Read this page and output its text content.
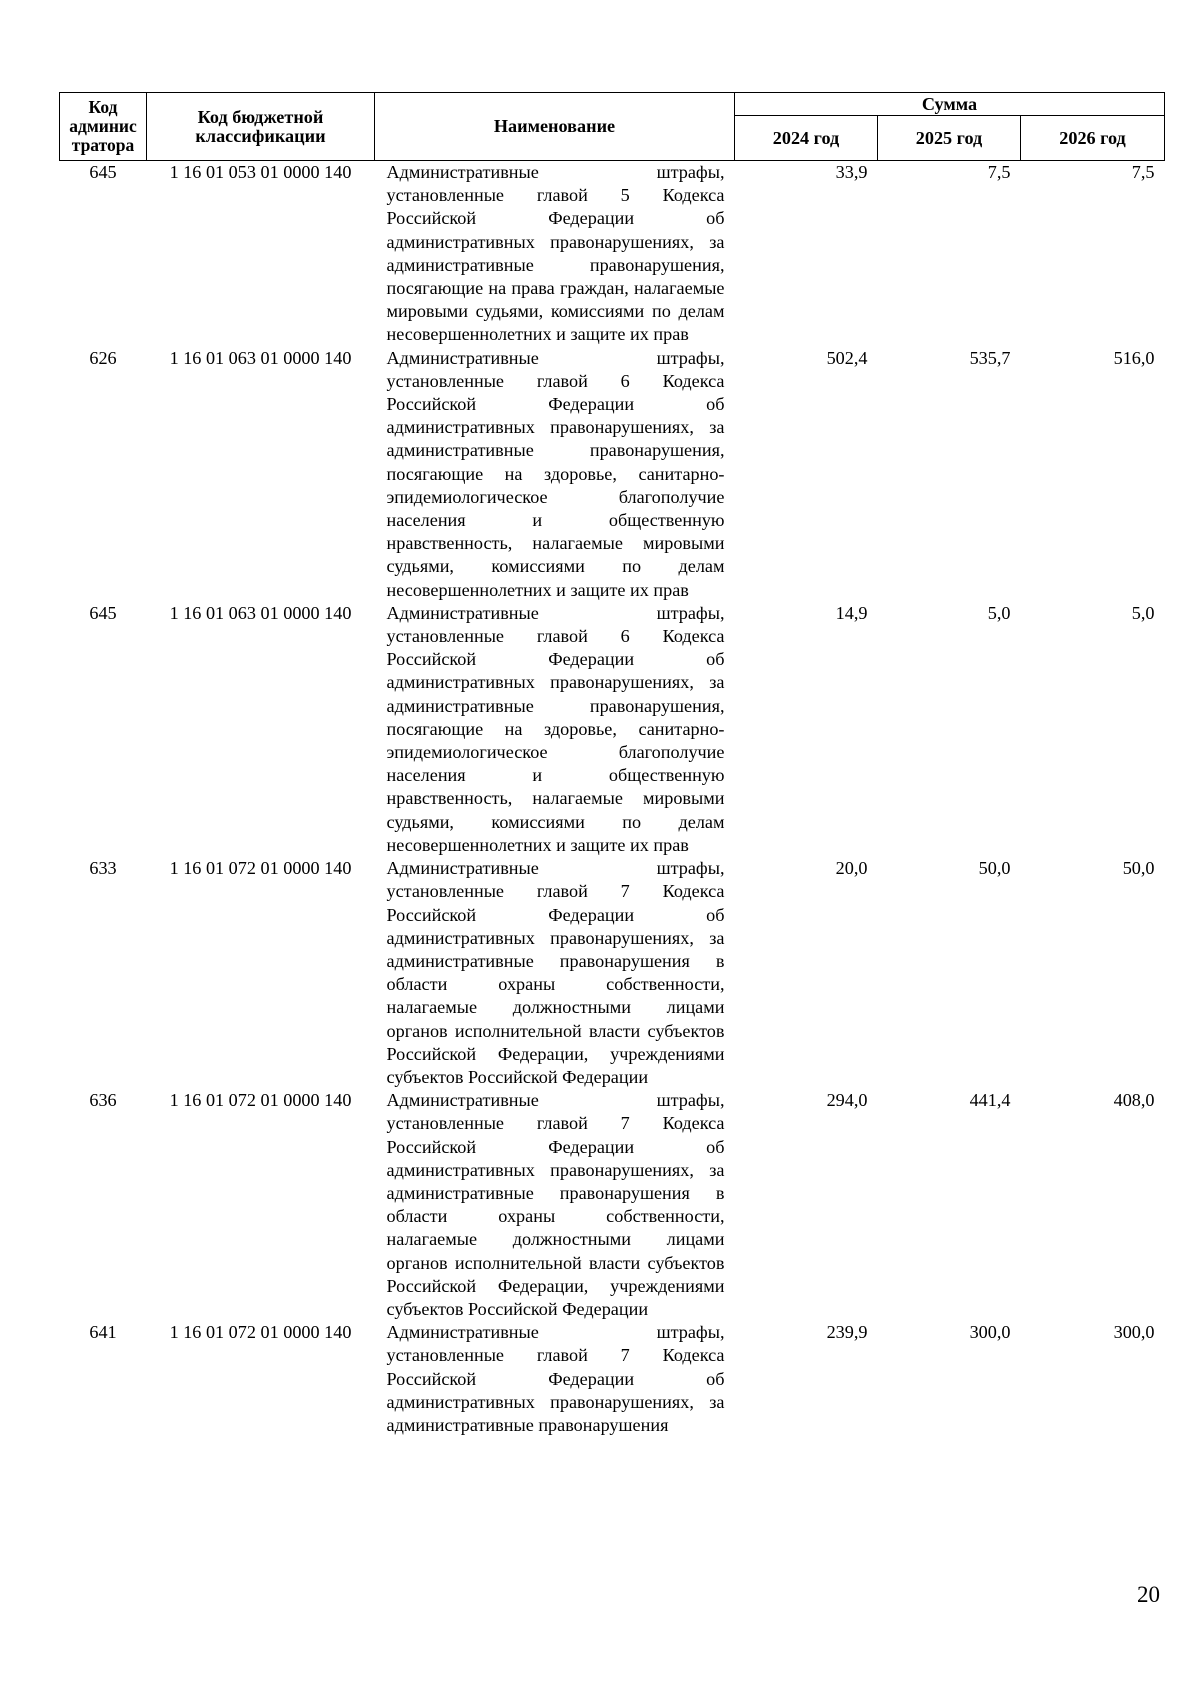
Код
админис
тратора	Код бюджетной
классификации	Наименование	Сумма		
			2024 год	2025 год	2026 год
645	1 16 01 053 01 0000 140	Административные штрафы, установленные главой 5 Кодекса Российской Федерации об административных правонарушениях, за административные правонарушения, посягающие на права граждан, налагаемые мировыми судьями, комиссиями по делам несовершеннолетних и защите их прав	33,9	7,5	7,5
626	1 16 01 063 01 0000 140	Административные штрафы, установленные главой 6 Кодекса Российской Федерации об административных правонарушениях, за административные правонарушения, посягающие на здоровье, санитарно-эпидемиологическое благополучие населения и общественную нравственность, налагаемые мировыми судьями, комиссиями по делам несовершеннолетних и защите их прав	502,4	535,7	516,0
645	1 16 01 063 01 0000 140	Административные штрафы, установленные главой 6 Кодекса Российской Федерации об административных правонарушениях, за административные правонарушения, посягающие на здоровье, санитарно-эпидемиологическое благополучие населения и общественную нравственность, налагаемые мировыми судьями, комиссиями по делам несовершеннолетних и защите их прав	14,9	5,0	5,0
633	1 16 01 072 01 0000 140	Административные штрафы, установленные главой 7 Кодекса Российской Федерации об административных правонарушениях, за административные правонарушения в области охраны собственности, налагаемые должностными лицами органов исполнительной власти субъектов Российской Федерации, учреждениями субъектов Российской Федерации	20,0	50,0	50,0
636	1 16 01 072 01 0000 140	Административные штрафы, установленные главой 7 Кодекса Российской Федерации об административных правонарушениях, за административные правонарушения в области охраны собственности, налагаемые должностными лицами органов исполнительной власти субъектов Российской Федерации, учреждениями субъектов Российской Федерации	294,0	441,4	408,0
641	1 16 01 072 01 0000 140	Административные штрафы, установленные главой 7 Кодекса Российской Федерации об административных правонарушениях, за административные правонарушения	239,9	300,0	300,0
20
